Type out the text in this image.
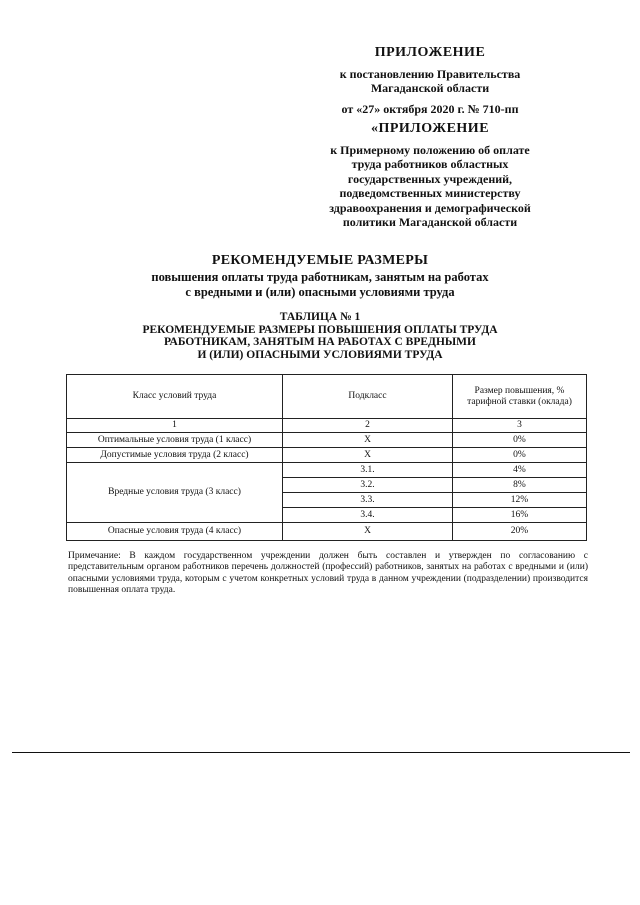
ПРИЛОЖЕНИЕ
к постановлению Правительства
Магаданской области
от «27» октября 2020 г. № 710-пп
«ПРИЛОЖЕНИЕ
к Примерному положению об оплате
труда работников областных
государственных учреждений,
подведомственных министерству
здравоохранения и демографической
политики Магаданской области
РЕКОМЕНДУЕМЫЕ РАЗМЕРЫ
повышения оплаты труда работникам, занятым на работах
с вредными и (или) опасными условиями труда
ТАБЛИЦА № 1
РЕКОМЕНДУЕМЫЕ РАЗМЕРЫ ПОВЫШЕНИЯ ОПЛАТЫ ТРУДА
РАБОТНИКАМ, ЗАНЯТЫМ НА РАБОТАХ С ВРЕДНЫМИ
И (ИЛИ) ОПАСНЫМИ УСЛОВИЯМИ ТРУДА
Класс условий труда	Подкласс	Размер повышения, % тарифной ставки (оклада)
1	2	3
Оптимальные условия труда (1 класс)	Х	0%
Допустимые условия труда (2 класс)	Х	0%
Вредные условия труда (3 класс)	3.1.	4%
	3.2.	8%
	3.3.	12%
	3.4.	16%
Опасные условия труда (4 класс)	Х	20%
Примечание: В каждом государственном учреждении должен быть составлен и утвержден по согласованию с представительным органом работников перечень должностей (профессий) работников, занятых на работах с вредными и (или) опасными условиями труда, которым с учетом конкретных условий труда в данном учреждении (подразделении) производится повышенная оплата труда.
